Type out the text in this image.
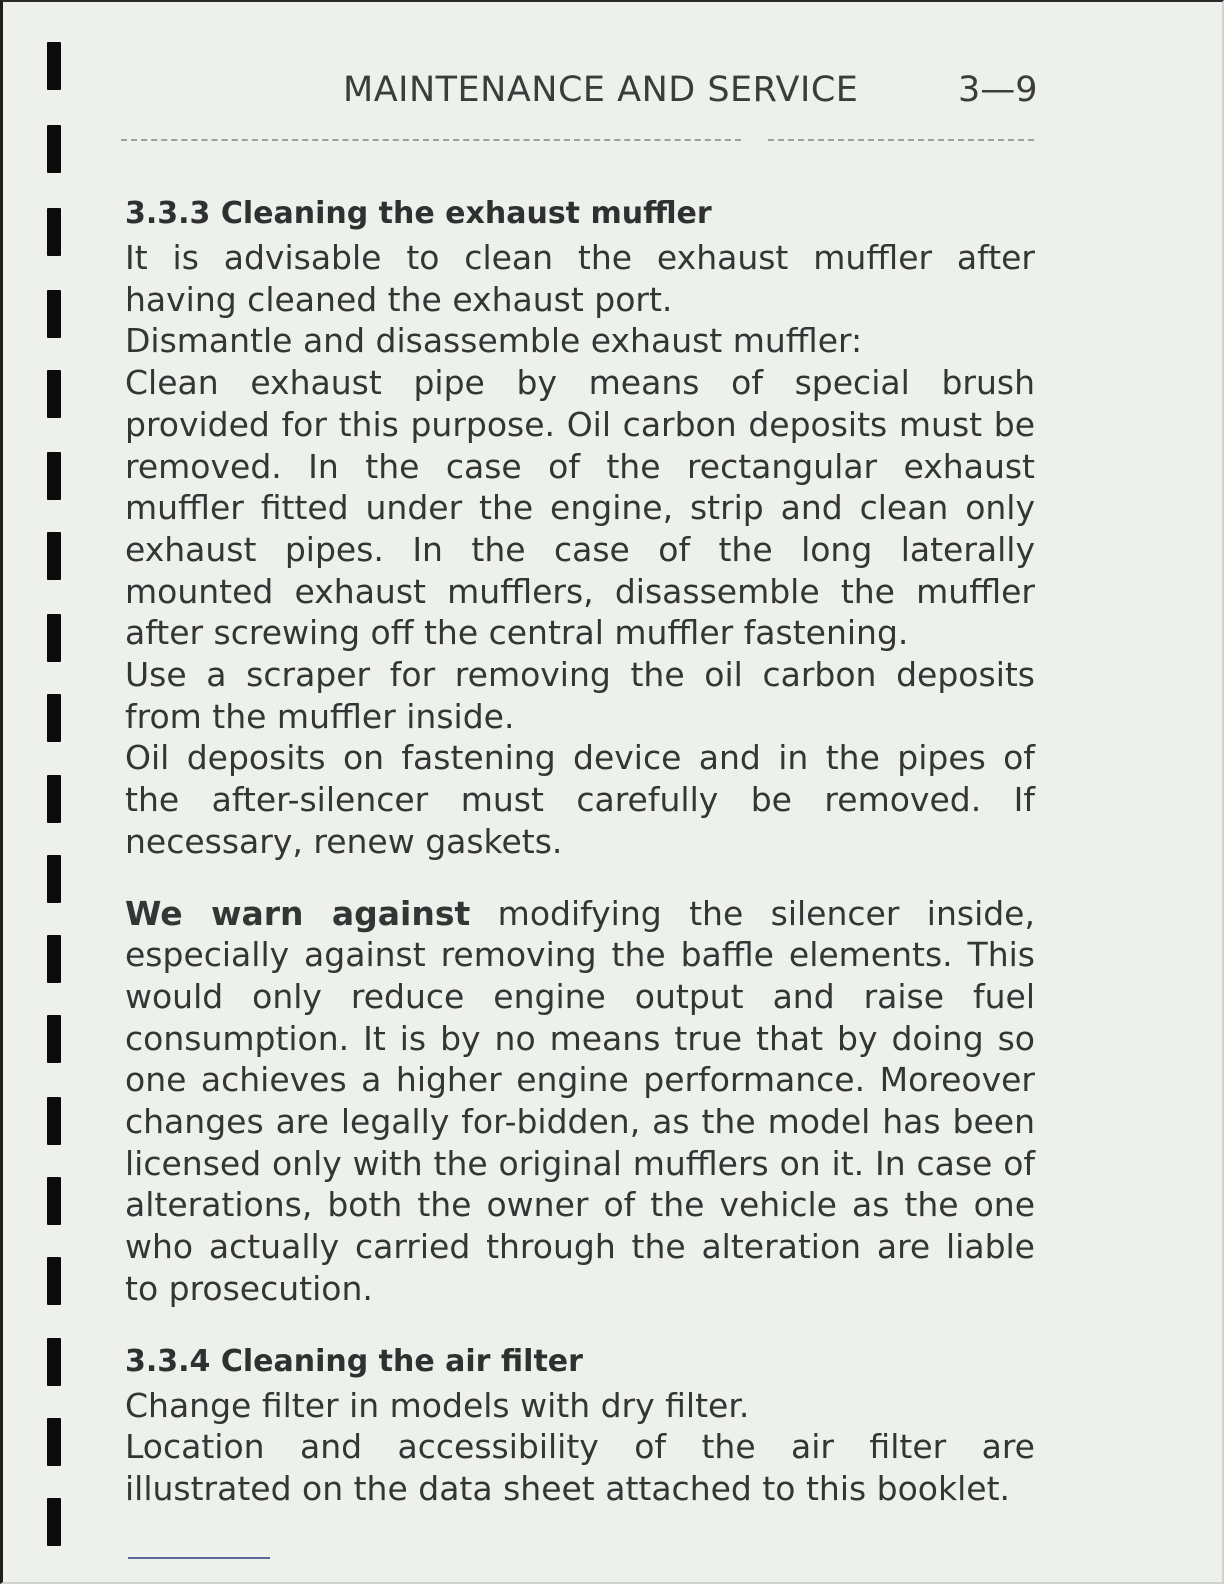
MAINTENANCE AND SERVICE	3—9
3.3.3 Cleaning the exhaust muffler

It is advisable to clean the exhaust muffler after having cleaned the exhaust port.

Dismantle and disassemble exhaust muffler:

Clean exhaust pipe by means of special brush provided for this purpose. Oil carbon deposits must be removed. In the case of the rectangular exhaust muffler fitted under the engine, strip and clean only exhaust pipes. In the case of the long laterally mounted exhaust mufflers, disassemble the muffler after screwing off the central muffler fastening.

Use a scraper for removing the oil carbon deposits from the muffler inside.

Oil deposits on fastening device and in the pipes of the after-silencer must carefully be removed. If necessary, renew gaskets.

We warn against modifying the silencer inside, especially against removing the baffle elements. This would only reduce engine output and raise fuel consumption. It is by no means true that by doing so one achieves a higher engine performance. Moreover changes are legally for-bidden, as the model has been licensed only with the original mufflers on it. In case of alterations, both the owner of the vehicle as the one who actually carried through the alteration are liable to prosecution.

3.3.4 Cleaning the air filter

Change filter in models with dry filter.

Location and accessibility of the air filter are illustrated on the data sheet attached to this booklet.
